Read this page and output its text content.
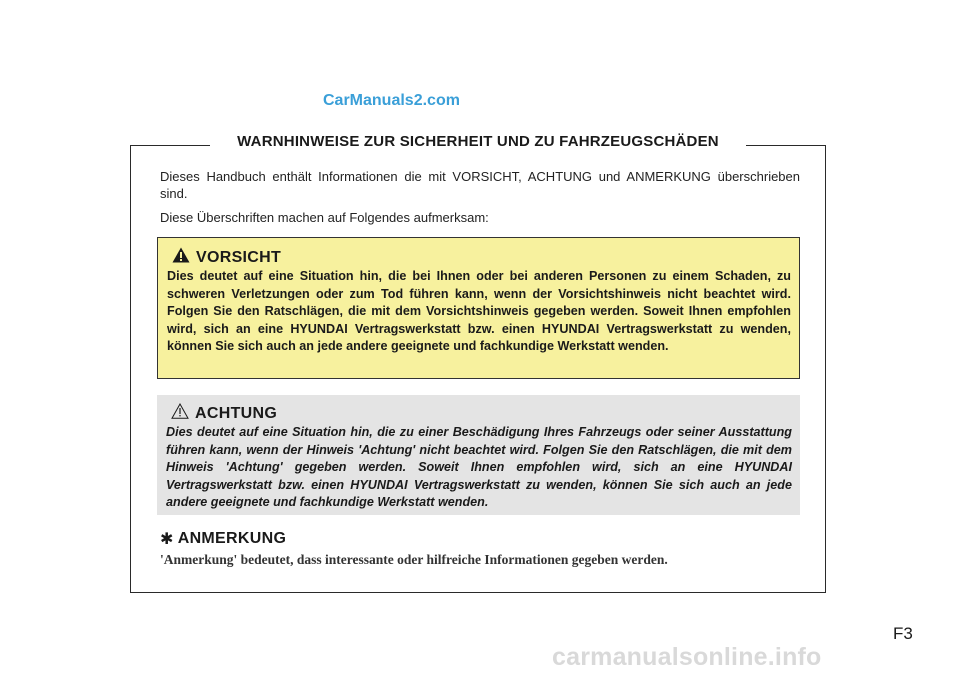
CarManuals2.com
WARNHINWEISE ZUR SICHERHEIT UND ZU FAHRZEUGSCHÄDEN

Dieses Handbuch enthält Informationen die mit VORSICHT, ACHTUNG und ANMERKUNG überschrieben sind.

Diese Überschriften machen auf Folgendes aufmerksam:

VORSICHT
Dies deutet auf eine Situation hin, die bei Ihnen oder bei anderen Personen zu einem Schaden, zu schweren Verletzungen oder zum Tod führen kann, wenn der Vorsichtshinweis nicht beachtet wird. Folgen Sie den Ratschlägen, die mit dem Vorsichtshinweis gegeben werden. Soweit Ihnen empfohlen wird, sich an eine HYUNDAI Vertragswerkstatt bzw. einen HYUNDAI Vertragswerkstatt zu wenden, können Sie sich auch an jede andere geeignete und fachkundige Werkstatt wenden.
ACHTUNG
Dies deutet auf eine Situation hin, die zu einer Beschädigung Ihres Fahrzeugs oder seiner Ausstattung führen kann, wenn der Hinweis 'Achtung' nicht beachtet wird. Folgen Sie den Ratschlägen, die mit dem Hinweis 'Achtung' gegeben werden. Soweit Ihnen empfohlen wird, sich an eine HYUNDAI Vertragswerkstatt bzw. einen HYUNDAI Vertragswerkstatt zu wenden, können Sie sich auch an jede andere geeignete und fachkundige Werkstatt wenden.
✱ ANMERKUNG
'Anmerkung' bedeutet, dass interessante oder hilfreiche Informationen gegeben werden.
F3
carmanualsonline.info
